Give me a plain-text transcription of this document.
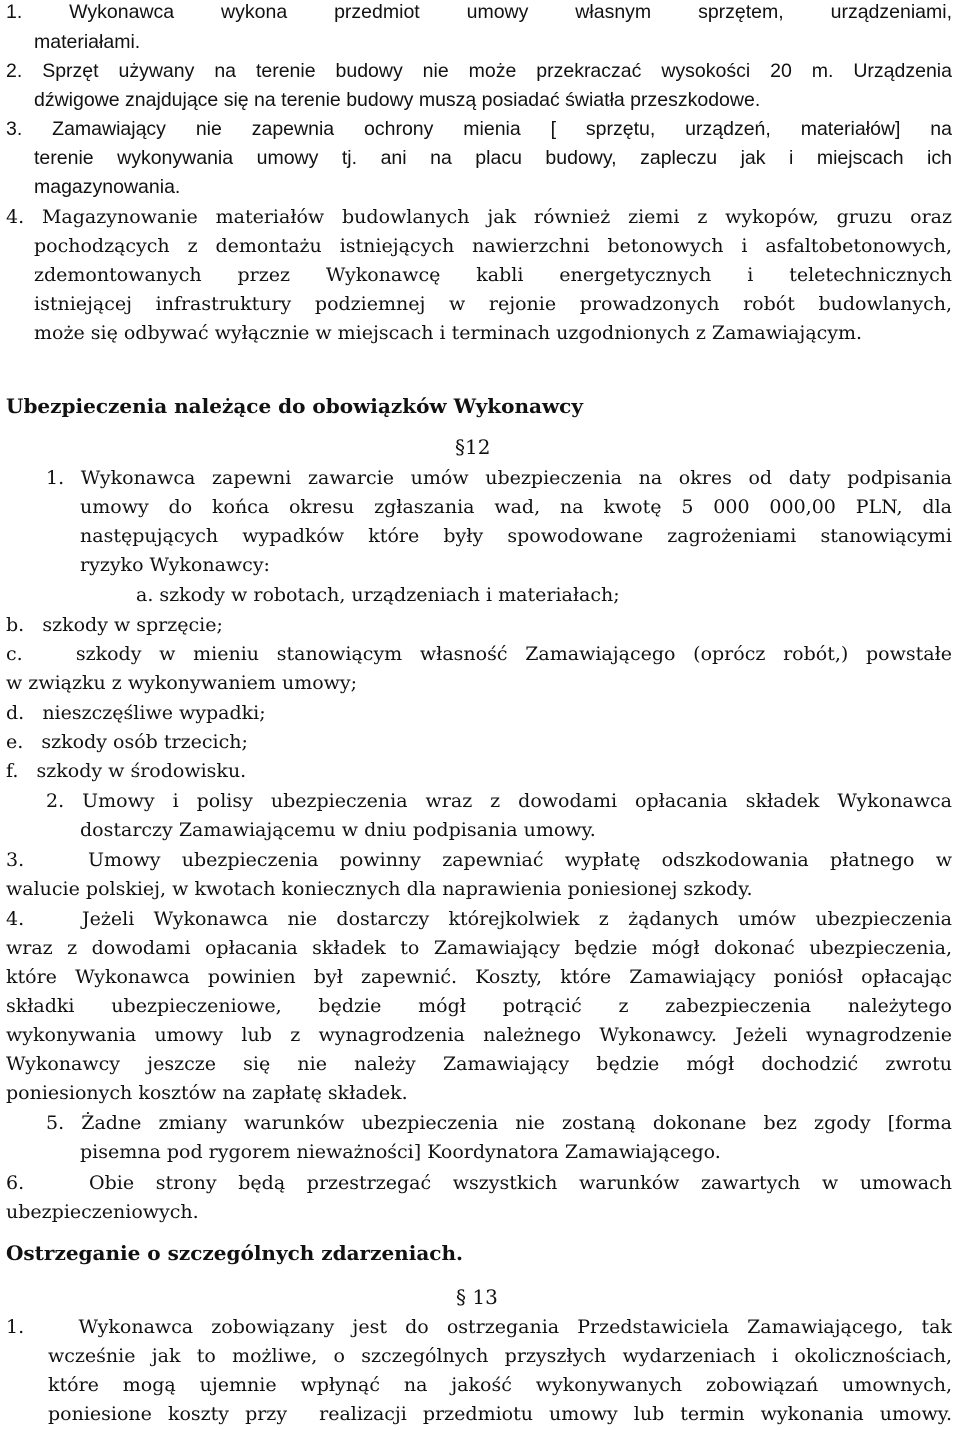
1. Wykonawca wykona przedmiot umowy własnym sprzętem, urządzeniami,
materiałami.
2. Sprzęt używany na terenie budowy nie może przekraczać wysokości 20 m. Urządzenia
dźwigowe znajdujące się na terenie budowy muszą posiadać światła przeszkodowe.
3. Zamawiający nie zapewnia ochrony mienia [ sprzętu, urządzeń, materiałów] na
terenie wykonywania umowy tj. ani na placu budowy, zapleczu jak i miejscach ich
magazynowania.
4. Magazynowanie materiałów budowlanych jak również ziemi z wykopów, gruzu oraz
pochodzących z demontażu istniejących nawierzchni betonowych i asfaltobetonowych,
zdemontowanych przez Wykonawcę kabli energetycznych i teletechnicznych
istniejącej infrastruktury podziemnej w rejonie prowadzonych robót budowlanych,
może się odbywać wyłącznie w miejscach i terminach uzgodnionych z Zamawiającym.
Ubezpieczenia należące do obowiązków Wykonawcy
§12
1. Wykonawca zapewni zawarcie umów ubezpieczenia na okres od daty podpisania
umowy do końca okresu zgłaszania wad, na kwotę 5 000 000,00 PLN, dla
następujących wypadków które były spowodowane zagrożeniami stanowiącymi
ryzyko Wykonawcy:
a. szkody w robotach, urządzeniach i materiałach;
b.   szkody w sprzęcie;
c.   szkody w mieniu stanowiącym własność Zamawiającego (oprócz robót,) powstałe
w związku z wykonywaniem umowy;
d.   nieszczęśliwe wypadki;
e.   szkody osób trzecich;
f.   szkody w środowisku.
2. Umowy i polisy ubezpieczenia wraz z dowodami opłacania składek Wykonawca
dostarczy Zamawiającemu w dniu podpisania umowy.
3.   Umowy ubezpieczenia powinny zapewniać wypłatę odszkodowania płatnego w
walucie polskiej, w kwotach koniecznych dla naprawienia poniesionej szkody.
4.   Jeżeli Wykonawca nie dostarczy którejkolwiek z żądanych umów ubezpieczenia
wraz z dowodami opłacania składek to Zamawiający będzie mógł dokonać ubezpieczenia,
które Wykonawca powinien był zapewnić. Koszty, które Zamawiający poniósł opłacając
składki ubezpieczeniowe, będzie mógł potrącić z zabezpieczenia należytego
wykonywania umowy lub z wynagrodzenia należnego Wykonawcy. Jeżeli wynagrodzenie
Wykonawcy jeszcze się nie należy Zamawiający będzie mógł dochodzić zwrotu
poniesionych kosztów na zapłatę składek.
5. Żadne zmiany warunków ubezpieczenia nie zostaną dokonane bez zgody [forma
pisemna pod rygorem nieważności] Koordynatora Zamawiającego.
6.   Obie strony będą przestrzegać wszystkich warunków zawartych w umowach
ubezpieczeniowych.
Ostrzeganie o szczególnych zdarzeniach.
§ 13
1.   Wykonawca zobowiązany jest do ostrzegania Przedstawiciela Zamawiającego, tak
wcześnie jak to możliwe, o szczególnych przyszłych wydarzeniach i okolicznościach,
które mogą ujemnie wpłynąć na jakość wykonywanych zobowiązań umownych,
poniesione koszty przy  realizacji przedmiotu umowy lub termin wykonania umowy.
